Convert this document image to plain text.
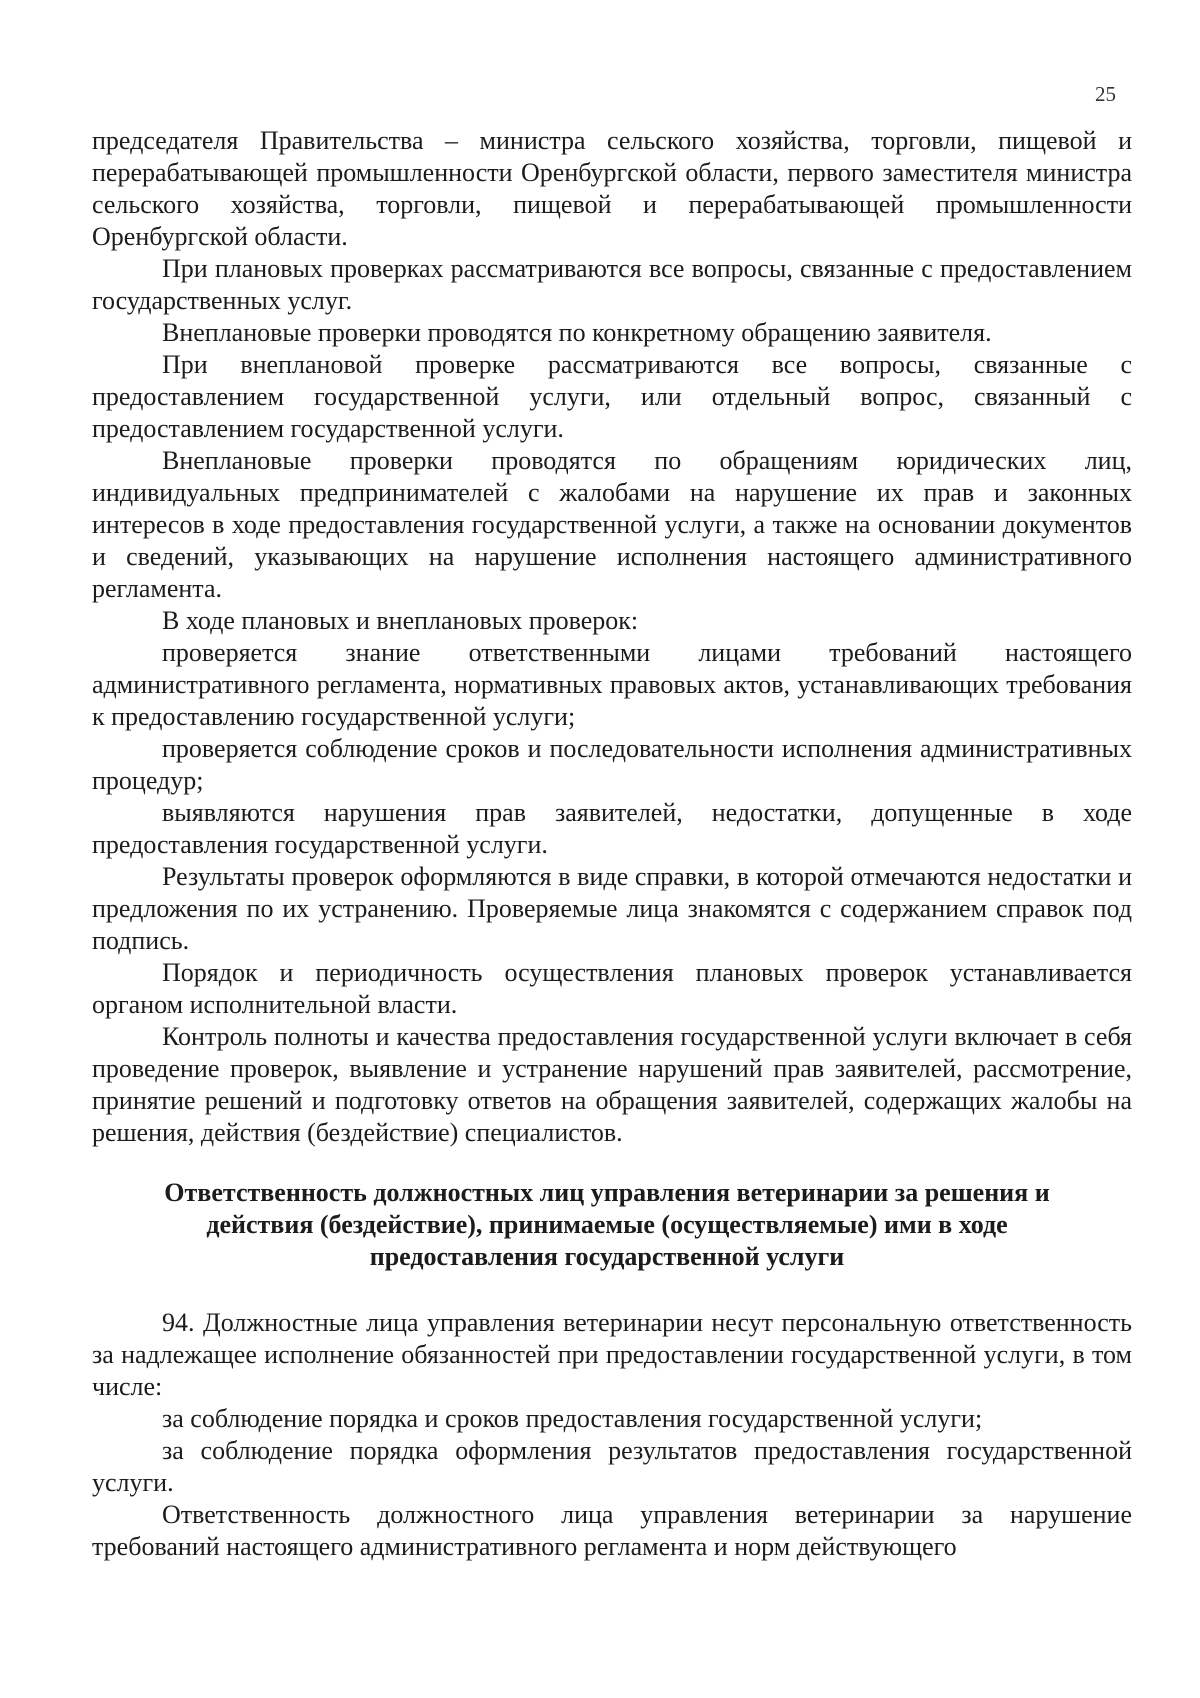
25

председателя Правительства – министра сельского хозяйства, торговли, пищевой и перерабатывающей промышленности Оренбургской области, первого заместителя министра сельского хозяйства, торговли, пищевой и перерабатывающей промышленности Оренбургской области.

При плановых проверках рассматриваются все вопросы, связанные с предоставлением государственных услуг.

Внеплановые проверки проводятся по конкретному обращению заявителя.

При внеплановой проверке рассматриваются все вопросы, связанные с предоставлением государственной услуги, или отдельный вопрос, связанный с предоставлением государственной услуги.

Внеплановые проверки проводятся по обращениям юридических лиц, индивидуальных предпринимателей с жалобами на нарушение их прав и законных интересов в ходе предоставления государственной услуги, а также на основании документов и сведений, указывающих на нарушение исполнения настоящего административного регламента.

В ходе плановых и внеплановых проверок:

проверяется знание ответственными лицами требований настоящего административного регламента, нормативных правовых актов, устанавливающих требования к предоставлению государственной услуги;

проверяется соблюдение сроков и последовательности исполнения административных процедур;

выявляются нарушения прав заявителей, недостатки, допущенные в ходе предоставления государственной услуги.

Результаты проверок оформляются в виде справки, в которой отмечаются недостатки и предложения по их устранению. Проверяемые лица знакомятся с содержанием справок под подпись.

Порядок и периодичность осуществления плановых проверок устанавливается органом исполнительной власти.

Контроль полноты и качества предоставления государственной услуги включает в себя проведение проверок, выявление и устранение нарушений прав заявителей, рассмотрение, принятие решений и подготовку ответов на обращения заявителей, содержащих жалобы на решения, действия (бездействие) специалистов.

Ответственность должностных лиц управления ветеринарии за решения и действия (бездействие), принимаемые (осуществляемые) ими в ходе предоставления государственной услуги

94. Должностные лица управления ветеринарии несут персональную ответственность за надлежащее исполнение обязанностей при предоставлении государственной услуги, в том числе:

за соблюдение порядка и сроков предоставления государственной услуги;

за соблюдение порядка оформления результатов предоставления государственной услуги.

Ответственность должностного лица управления ветеринарии за нарушение требований настоящего административного регламента и норм действующего
